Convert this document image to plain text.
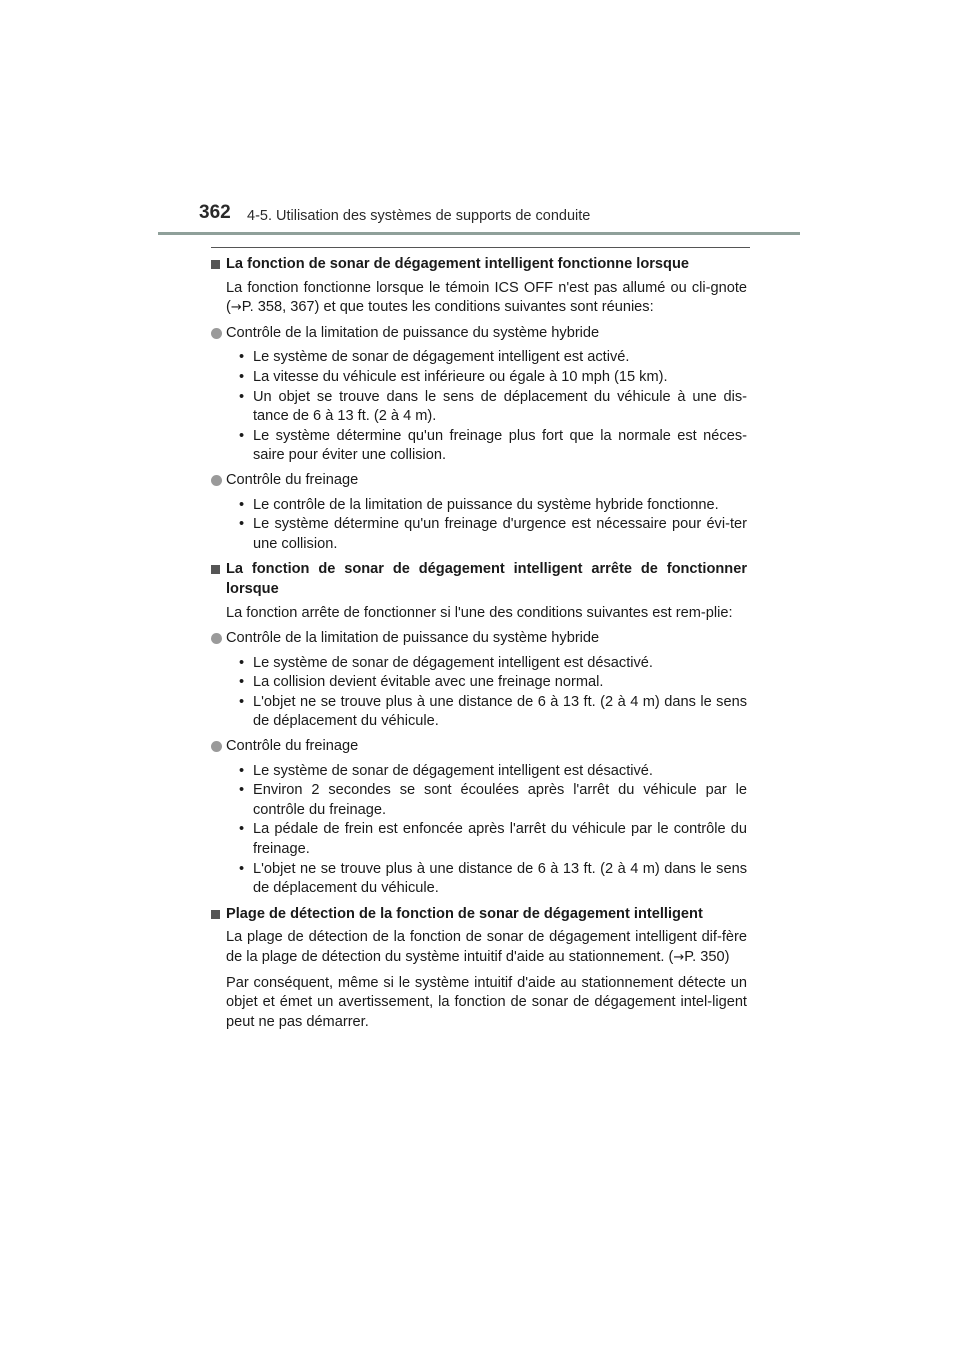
362 4-5. Utilisation des systèmes de supports de conduite
La fonction de sonar de dégagement intelligent fonctionne lorsque
La fonction fonctionne lorsque le témoin ICS OFF n'est pas allumé ou cli-gnote (→P. 358, 367) et que toutes les conditions suivantes sont réunies:
Contrôle de la limitation de puissance du système hybride
• Le système de sonar de dégagement intelligent est activé.
• La vitesse du véhicule est inférieure ou égale à 10 mph (15 km).
• Un objet se trouve dans le sens de déplacement du véhicule à une dis-tance de 6 à 13 ft. (2 à 4 m).
• Le système détermine qu'un freinage plus fort que la normale est néces-saire pour éviter une collision.
Contrôle du freinage
• Le contrôle de la limitation de puissance du système hybride fonctionne.
• Le système détermine qu'un freinage d'urgence est nécessaire pour évi-ter une collision.
La fonction de sonar de dégagement intelligent arrête de fonctionner lorsque
La fonction arrête de fonctionner si l'une des conditions suivantes est rem-plie:
Contrôle de la limitation de puissance du système hybride
• Le système de sonar de dégagement intelligent est désactivé.
• La collision devient évitable avec une freinage normal.
• L'objet ne se trouve plus à une distance de 6 à 13 ft. (2 à 4 m) dans le sens de déplacement du véhicule.
Contrôle du freinage
• Le système de sonar de dégagement intelligent est désactivé.
• Environ 2 secondes se sont écoulées après l'arrêt du véhicule par le contrôle du freinage.
• La pédale de frein est enfoncée après l'arrêt du véhicule par le contrôle du freinage.
• L'objet ne se trouve plus à une distance de 6 à 13 ft. (2 à 4 m) dans le sens de déplacement du véhicule.
Plage de détection de la fonction de sonar de dégagement intelligent
La plage de détection de la fonction de sonar de dégagement intelligent dif-fère de la plage de détection du système intuitif d'aide au stationnement. (→P. 350)
Par conséquent, même si le système intuitif d'aide au stationnement détecte un objet et émet un avertissement, la fonction de sonar de dégagement intel-ligent peut ne pas démarrer.
